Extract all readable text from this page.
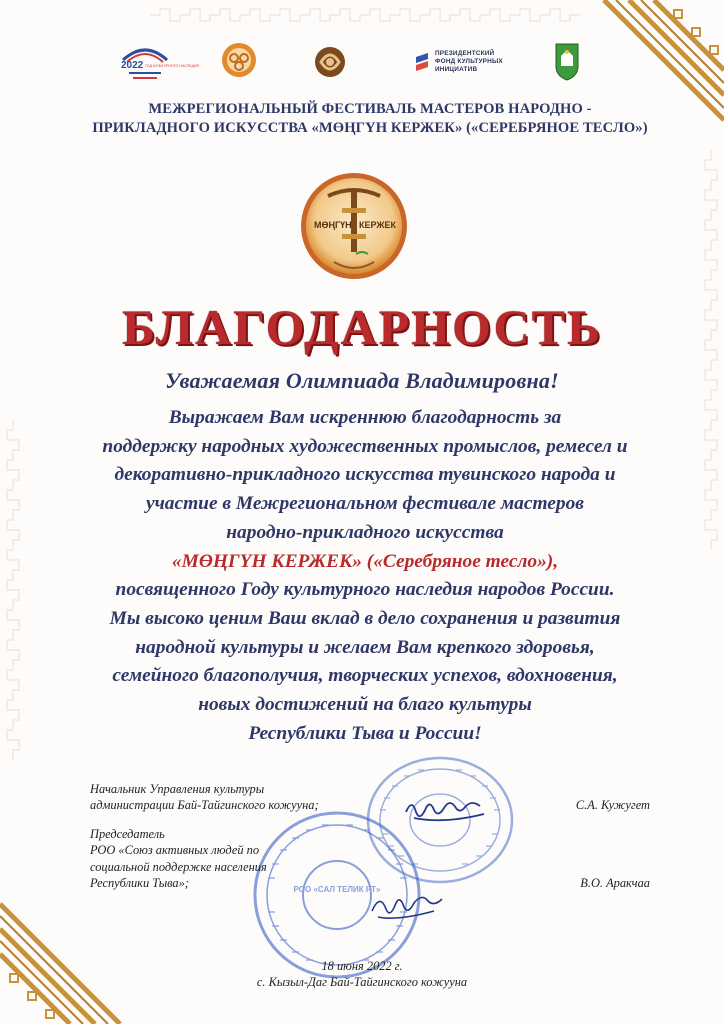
2022 ГОД КУЛЬТУРНОГО НАСЛЕДИЯ
ПРЕЗИДЕНТСКИЙ
ФОНД КУЛЬТУРНЫХ
ИНИЦИАТИВ
МЕЖРЕГИОНАЛЬНЫЙ ФЕСТИВАЛЬ МАСТЕРОВ НАРОДНО -
ПРИКЛАДНОГО ИСКУССТВА «МӨҢГҮН КЕРЖЕК» («СЕРЕБРЯНОЕ ТЕСЛО»)
МӨҢГҮН КЕРЖЕК
БЛАГОДАРНОСТЬ
Уважаемая Олимпиада Владимировна!
Выражаем Вам искреннюю благодарность за
поддержку народных художественных промыслов, ремесел и
декоративно-прикладного искусства тувинского народа и
участие в Межрегиональном фестивале мастеров
народно-прикладного искусства
«МӨҢГҮН КЕРЖЕК» («Серебряное тесло»),
посвященного Году культурного наследия народов России.
Мы высоко ценим Ваш вклад в дело сохранения и развития
народной культуры и желаем Вам крепкого здоровья,
семейного благополучия, творческих успехов, вдохновения,
новых достижений на благо культуры
Республики Тыва и России!
РОО «САЛ ТЕЛИК РТ»
Начальник Управления культуры
администрации Бай-Тайгинского кожууна;	С.А. Кужугет
Председатель
РОО «Союз активных людей по
социальной поддержке населения
Республики Тыва»;	В.О. Аракчаа
18 июня 2022 г.
с. Кызыл-Даг Бай-Тайгинского кожууна
